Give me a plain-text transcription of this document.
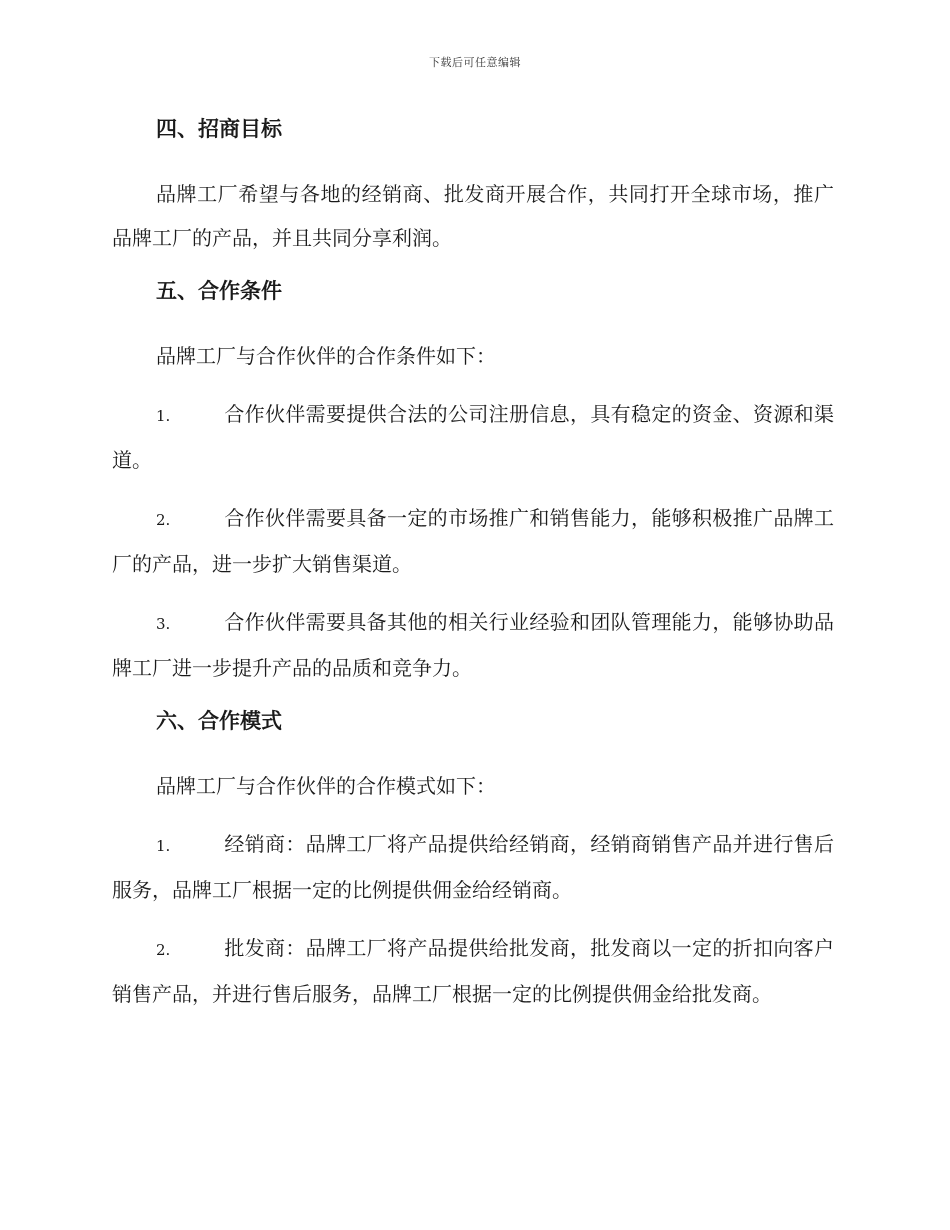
下载后可任意编辑
四、招商目标
品牌工厂希望与各地的经销商、批发商开展合作，共同打开全球市场，推广品牌工厂的产品，并且共同分享利润。
五、合作条件
品牌工厂与合作伙伴的合作条件如下：
1.	合作伙伴需要提供合法的公司注册信息，具有稳定的资金、资源和渠道。
2.	合作伙伴需要具备一定的市场推广和销售能力，能够积极推广品牌工厂的产品，进一步扩大销售渠道。
3.	合作伙伴需要具备其他的相关行业经验和团队管理能力，能够协助品牌工厂进一步提升产品的品质和竞争力。
六、合作模式
品牌工厂与合作伙伴的合作模式如下：
1.	经销商：品牌工厂将产品提供给经销商，经销商销售产品并进行售后服务，品牌工厂根据一定的比例提供佣金给经销商。
2.	批发商：品牌工厂将产品提供给批发商，批发商以一定的折扣向客户销售产品，并进行售后服务，品牌工厂根据一定的比例提供佣金给批发商。
